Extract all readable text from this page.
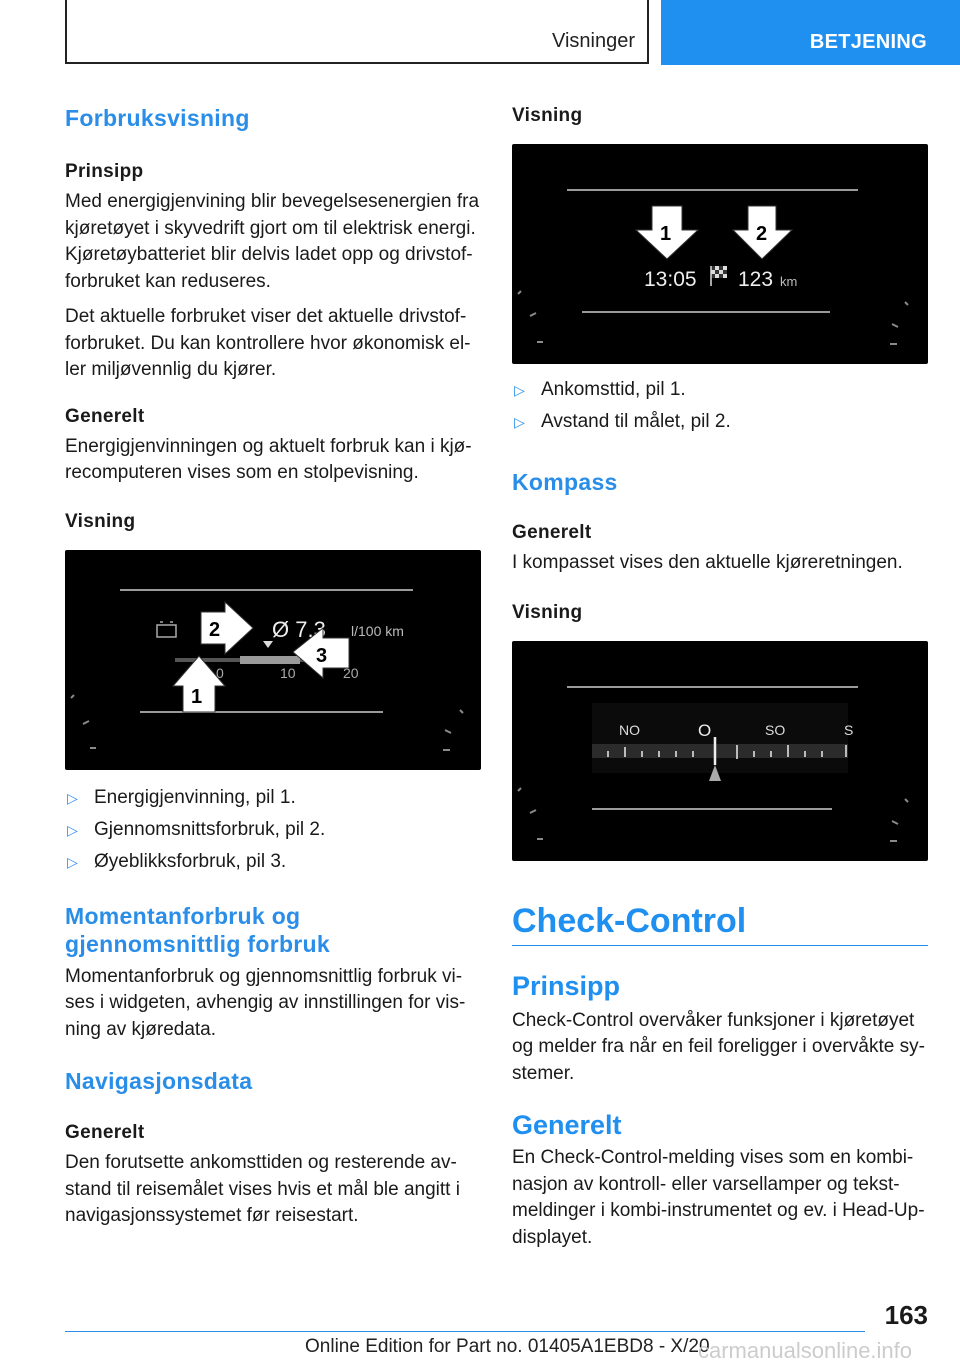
Visninger	BETJENING
Forbruksvisning
Prinsipp

Med energigjenvining blir bevegelsesenergien fra kjøretøyet i skyvedrift gjort om til elektrisk energi. Kjøretøybatteriet blir delvis ladet opp og drivstof-forbruket kan reduseres.

Det aktuelle forbruket viser det aktuelle drivstof-forbruket. Du kan kontrollere hvor økonomisk el-ler miljøvennlig du kjører.

Generelt

Energigjenvinningen og aktuelt forbruk kan i kjø-recomputeren vises som en stolpevisning.

Visning
Ø 7.3 l/100 km
0	10	20
1
2
3
▷ Energigjenvinning, pil 1.
▷ Gjennomsnittsforbruk, pil 2.
▷ Øyeblikksforbruk, pil 3.
Momentanforbruk og gjennomsnittlig forbruk

Momentanforbruk og gjennomsnittlig forbruk vi-ses i widgeten, avhengig av innstillingen for vis-ning av kjøredata.

Navigasjonsdata
Generelt

Den forutsette ankomsttiden og resterende av-stand til reisemålet vises hvis et mål ble angitt i navigasjonssystemet før reisestart.

Visning
13:05 123 km
1	2
▷ Ankomsttid, pil 1.
▷ Avstand til målet, pil 2.
Kompass
Generelt

I kompasset vises den aktuelle kjøreretningen.

Visning
NO	O	SO	S
Check-Control
Prinsipp

Check-Control overvåker funksjoner i kjøretøyet og melder fra når en feil foreligger i overvåkte sy-stemer.

Generelt

En Check-Control-melding vises som en kombi-nasjon av kontroll- eller varsellamper og tekst-meldinger i kombi-instrumentet og ev. i Head-Up-displayet.

163
Online Edition for Part no. 01405A1EBD8 - X/20
carmanualsonline.info
